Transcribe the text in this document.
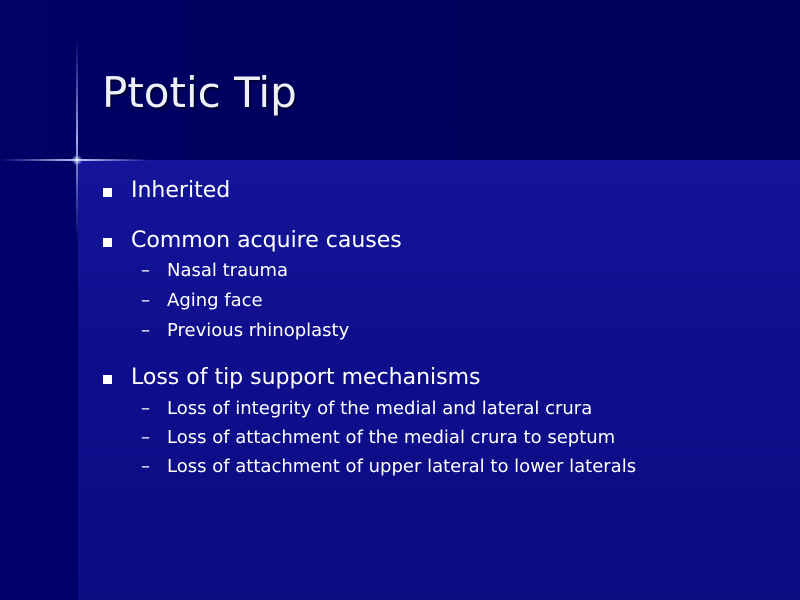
Ptotic Tip
Inherited
Common acquire causes
– Nasal trauma
– Aging face
– Previous rhinoplasty
Loss of tip support mechanisms
– Loss of integrity of the medial and lateral crura
– Loss of attachment of the medial crura to septum
– Loss of attachment of upper lateral to lower laterals
